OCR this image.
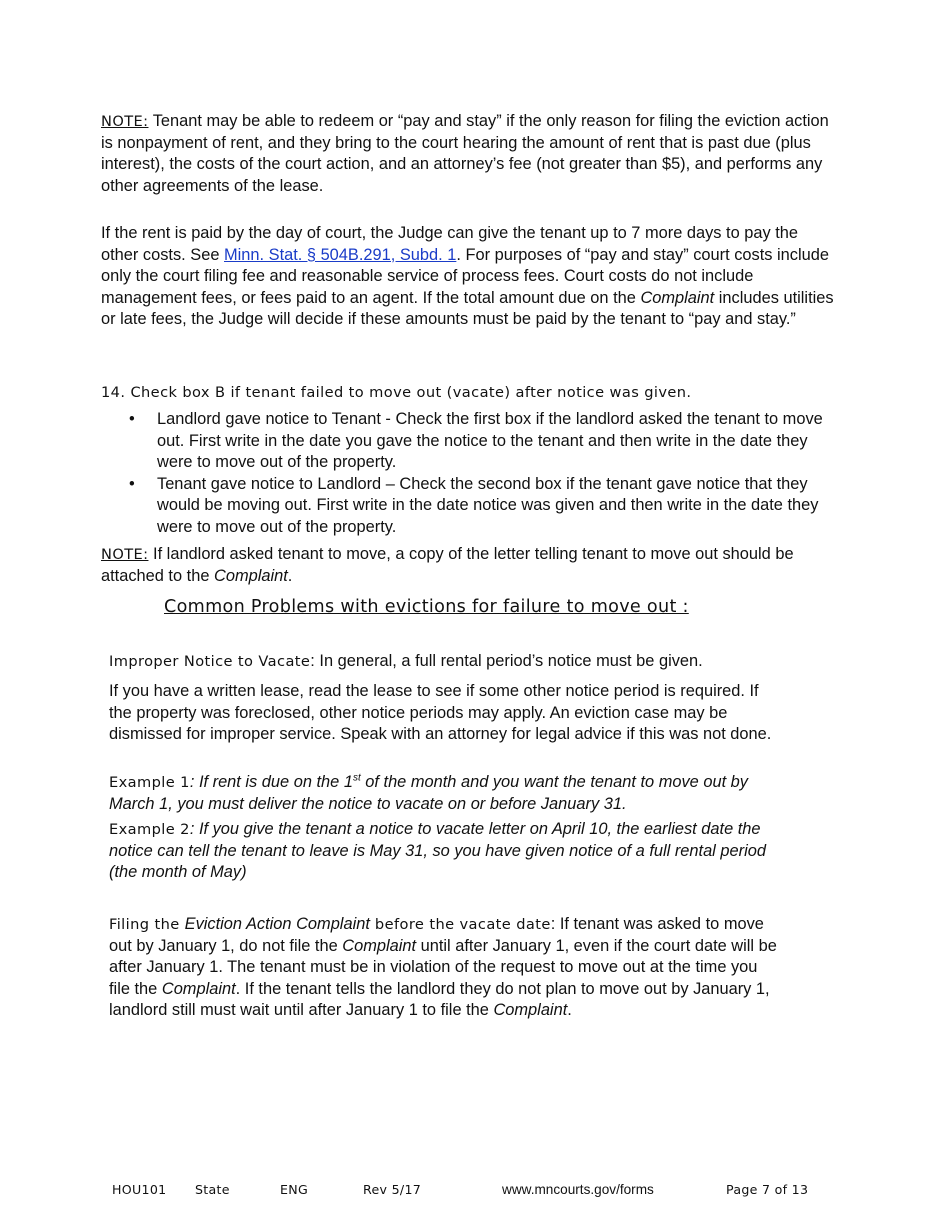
NOTE: Tenant may be able to redeem or “pay and stay” if the only reason for filing the eviction action is nonpayment of rent, and they bring to the court hearing the amount of rent that is past due (plus interest), the costs of the court action, and an attorney’s fee (not greater than $5), and performs any other agreements of the lease.

If the rent is paid by the day of court, the Judge can give the tenant up to 7 more days to pay the other costs. See Minn. Stat. § 504B.291, Subd. 1. For purposes of “pay and stay” court costs include only the court filing fee and reasonable service of process fees. Court costs do not include management fees, or fees paid to an agent. If the total amount due on the Complaint includes utilities or late fees, the Judge will decide if these amounts must be paid by the tenant to “pay and stay.”

14. Check box B if tenant failed to move out (vacate) after notice was given.

• Landlord gave notice to Tenant - Check the first box if the landlord asked the tenant to move out. First write in the date you gave the notice to the tenant and then write in the date they were to move out of the property.
• Tenant gave notice to Landlord – Check the second box if the tenant gave notice that they would be moving out. First write in the date notice was given and then write in the date they were to move out of the property.

NOTE: If landlord asked tenant to move, a copy of the letter telling tenant to move out should be attached to the Complaint.

Common Problems with evictions for failure to move out :

Improper Notice to Vacate: In general, a full rental period’s notice must be given.

If you have a written lease, read the lease to see if some other notice period is required. If the property was foreclosed, other notice periods may apply. An eviction case may be dismissed for improper service. Speak with an attorney for legal advice if this was not done.

Example 1: If rent is due on the 1st of the month and you want the tenant to move out by March 1, you must deliver the notice to vacate on or before January 31.

Example 2: If you give the tenant a notice to vacate letter on April 10, the earliest date the notice can tell the tenant to leave is May 31, so you have given notice of a full rental period (the month of May)

Filing the Eviction Action Complaint before the vacate date: If tenant was asked to move out by January 1, do not file the Complaint until after January 1, even if the court date will be after January 1. The tenant must be in violation of the request to move out at the time you file the Complaint. If the tenant tells the landlord they do not plan to move out by January 1, landlord still must wait until after January 1 to file the Complaint.

HOU101 State	ENG	Rev 5/17	www.mncourts.gov/forms	Page 7 of 13
